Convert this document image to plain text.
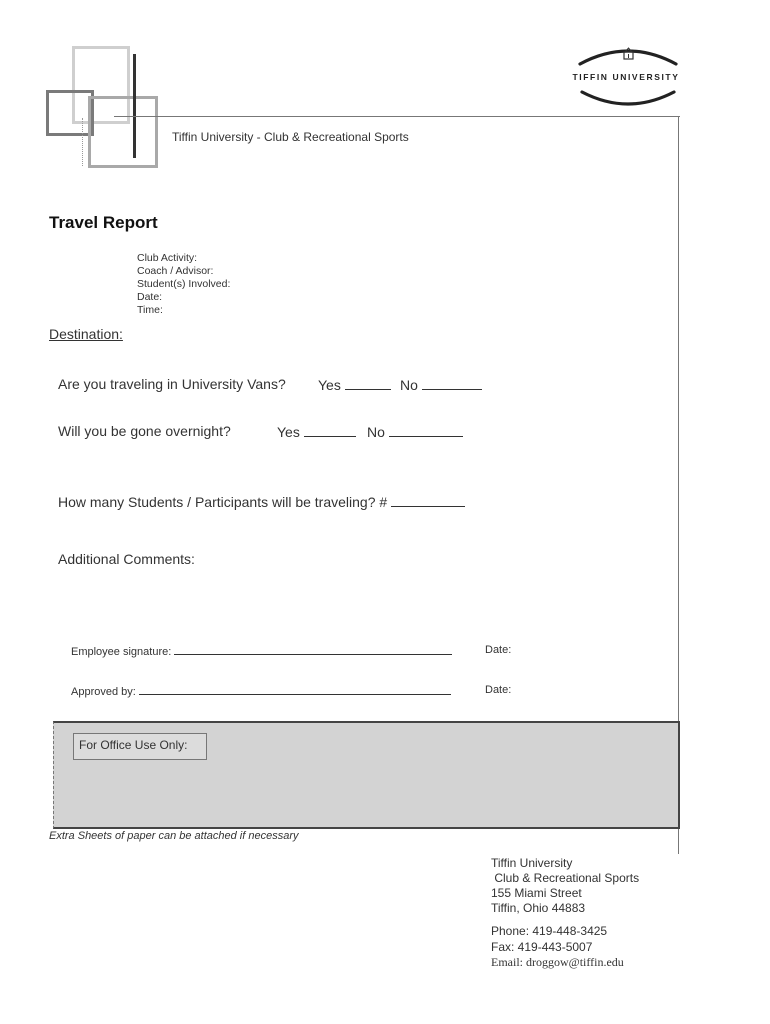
TIFFIN UNIVERSITY
Tiffin University - Club & Recreational Sports
Travel Report
Club Activity:
Coach / Advisor:
Student(s) Involved:
Date:
Time:
Destination:
Are you traveling in University Vans? Yes	No
Will you be gone overnight?	Yes	No
How many Students / Participants will be traveling? #
Additional Comments:
Employee signature:	Date:
Approved by:	Date:
For Office Use Only:
Extra Sheets of paper can be attached if necessary
Tiffin University
Club & Recreational Sports
155 Miami Street
Tiffin, Ohio 44883
Phone: 419-448-3425
Fax: 419-443-5007
Email: droggow@tiffin.edu
